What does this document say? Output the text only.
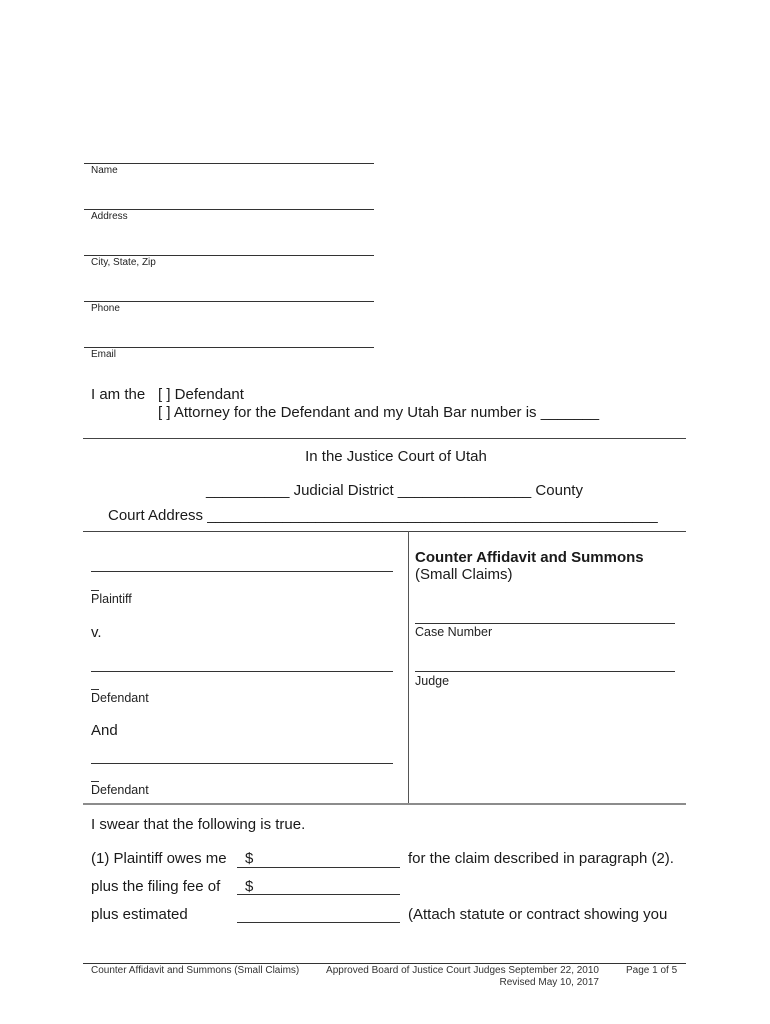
Name
Address
City, State, Zip
Phone
Email
I am the [ ] Defendant
[ ] Attorney for the Defendant and my Utah Bar number is _______
In the Justice Court of Utah
__________ Judicial District ________________ County
Court Address ______________________________________________________
Plaintiff
v.
Defendant
And
Defendant
Counter Affidavit and Summons
(Small Claims)
Case Number
Judge
I swear that the following is true.
(1) Plaintiff owes me $	for the claim described in paragraph (2).
plus the filing fee of $
plus estimated	(Attach statute or contract showing you
Counter Affidavit and Summons (Small Claims)	Approved Board of Justice Court Judges September 22, 2010
Revised May 10, 2017
Page 1 of 5
